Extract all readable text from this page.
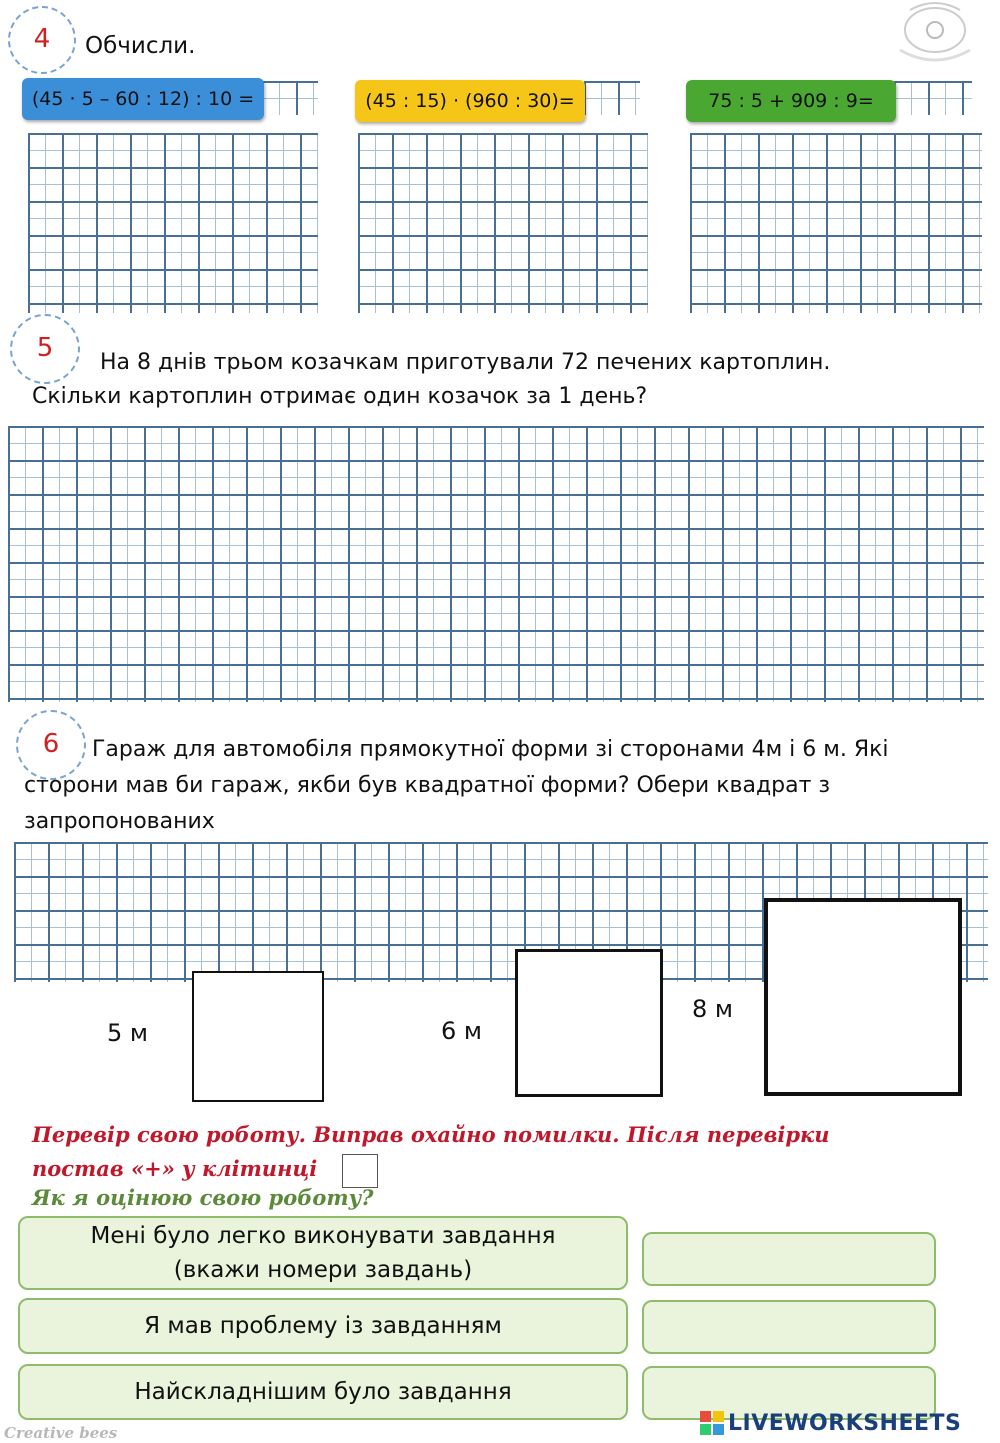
4	Обчисли.
(45 · 5 – 60 : 12) : 10 =	(45 : 15) · (960 : 30)=	75 : 5 + 909 : 9=
5	На 8 днів трьом козачкам приготували 72 печених картоплин.
Скільки картоплин отримає один козачок за 1 день?
6	Гараж для автомобіля прямокутної форми зі сторонами 4м і 6 м. Які
сторони мав би гараж, якби був квадратної форми? Обери квадрат з
запропонованих
5 м	6 м
8 м
Перевір свою роботу. Виправ охайно помилки. Після перевірки
постав «+» у клітинці
Як я оцінюю свою роботу?
Мені було легко виконувати завдання
(вкажи номери завдань)
Я мав проблему із завданням
Найскладнішим було завдання
Creative bees	LIVEWORKSHEETS
